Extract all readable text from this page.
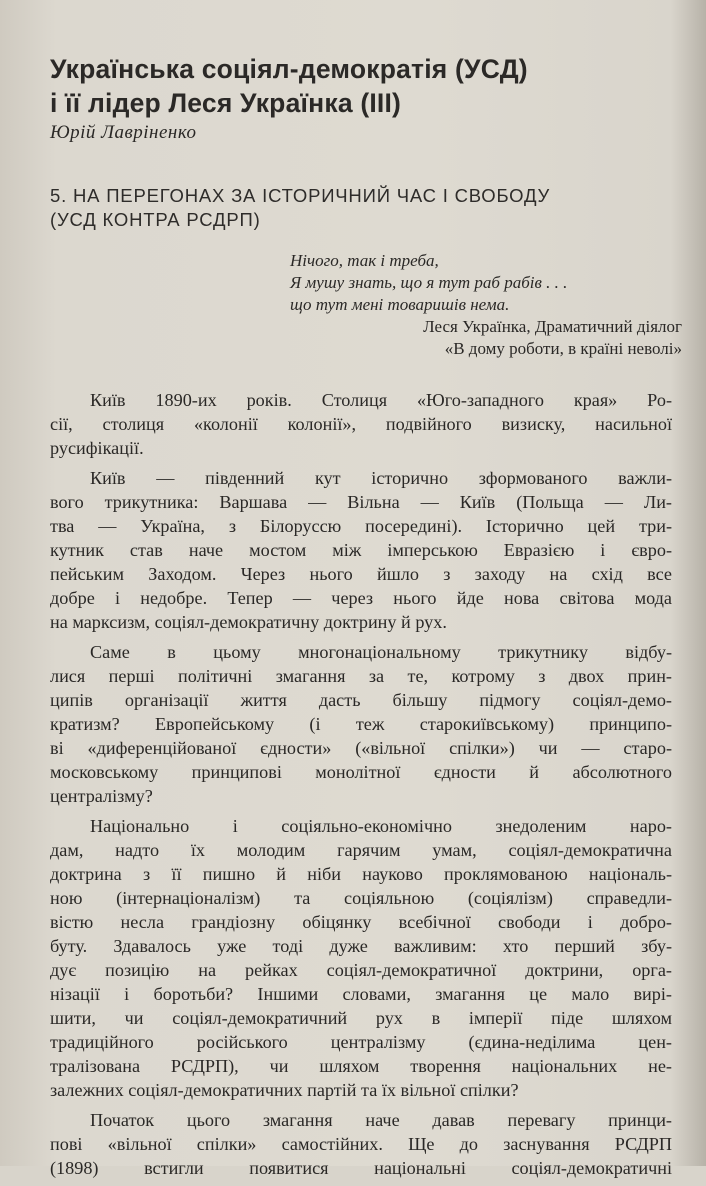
Українська соціял-демократія (УСД)
і її лідер Леся Українка (ІІІ)
Юрій Лавріненко
5. НА ПЕРЕГОНАХ ЗА ІСТОРИЧНИЙ ЧАС І СВОБОДУ
(УСД КОНТРА РСДРП)
Нічого, так і треба,
Я мушу знать, що я тут раб рабів . . .
що тут мені товаришів нема.
Леся Українка, Драматичний діялог
«В дому роботи, в країні неволі»

Київ 1890-их років. Столиця «Юго-западного края» Ро-
сії, столиця «колонії колонії», подвійного визиску, насильної
русифікації.

Київ — південний кут історично зформованого важли-
вого трикутника: Варшава — Вільна — Київ (Польща — Ли-
тва — Україна, з Білоруссю посередині). Історично цей три-
кутник став наче мостом між імперською Евразією і євро-
пейським Заходом. Через нього йшло з заходу на схід все
добре і недобре. Тепер — через нього йде нова світова мода
на марксизм, соціял-демократичну доктрину й рух.

Саме в цьому многонаціональному трикутнику відбу-
лися перші політичні змагання за те, котрому з двох прин-
ципів організації життя дасть більшу підмогу соціял-демо-
кратизм? Европейському (і теж старокиївському) принципо-
ві «диференційованої єдности» («вільної спілки») чи — старо-
московському принципові монолітної єдности й абсолютного
централізму?

Національно і соціяльно-економічно знедоленим наро-
дам, надто їх молодим гарячим умам, соціял-демократична
доктрина з її пишно й ніби науково проклямованою національ-
ною (інтернаціоналізм) та соціяльною (соціялізм) справедли-
вістю несла грандіозну обіцянку всебічної свободи і добро-
буту. Здавалось уже тоді дуже важливим: хто перший збу-
дує позицію на рейках соціял-демократичної доктрини, орга-
нізації і боротьби? Іншими словами, змагання це мало вирі-
шити, чи соціял-демократичний рух в імперії піде шляхом
традиційного російського централізму (єдина-неділима цен-
тралізована РСДРП), чи шляхом творення національних не-
залежних соціял-демократичних партій та їх вільної спілки?

Початок цього змагання наче давав перевагу принци-
пові «вільної спілки» самостійних. Ще до заснування РСДРП
(1898) встигли появитися національні соціял-демократичні
